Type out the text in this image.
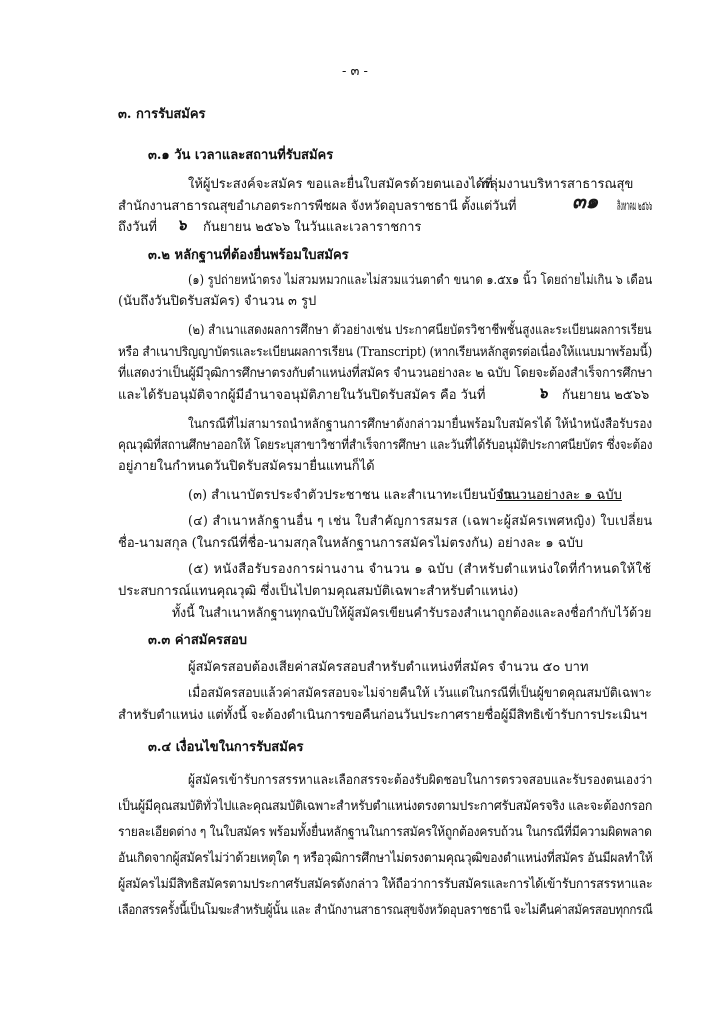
- ๓ -
๓. การรับสมัคร
๓.๑ วัน เวลาและสถานที่รับสมัคร
ให้ผู้ประสงค์จะสมัคร ขอและยื่นใบสมัครด้วยตนเองได้ที่
กลุ่มงานบริหารสาธารณสุข
สำนักงานสาธารณสุขอำเภอตระการพืชผล จังหวัดอุบลราชธานี ตั้งแต่วันที่	๓๑ สิงหาคม ๒๕๖๖
ถึงวันที่ ๖ กันยายน ๒๕๖๖ ในวันและเวลาราชการ
๓.๒ หลักฐานที่ต้องยื่นพร้อมใบสมัคร
(๑) รูปถ่ายหน้าตรง ไม่สวมหมวกและไม่สวมแว่นตาดำ ขนาด ๑.๕x๑ นิ้ว โดยถ่ายไม่เกิน ๖ เดือน
(นับถึงวันปิดรับสมัคร) จำนวน ๓ รูป
(๒) สำเนาแสดงผลการศึกษา ตัวอย่างเช่น ประกาศนียบัตรวิชาชีพชั้นสูงและระเบียนผลการเรียน
หรือ สำเนาปริญญาบัตรและระเบียนผลการเรียน (Transcript) (หากเรียนหลักสูตรต่อเนื่องให้แนบมาพร้อมนี้)
ที่แสดงว่าเป็นผู้มีวุฒิการศึกษาตรงกับตำแหน่งที่สมัคร จำนวนอย่างละ ๒ ฉบับ โดยจะต้องสำเร็จการศึกษา
และได้รับอนุมัติจากผู้มีอำนาจอนุมัติภายในวันปิดรับสมัคร คือ วันที่	๖ กันยายน ๒๕๖๖
ในกรณีที่ไม่สามารถนำหลักฐานการศึกษาดังกล่าวมายื่นพร้อมใบสมัครได้ ให้นำหนังสือรับรอง
คุณวุฒิที่สถานศึกษาออกให้ โดยระบุสาขาวิชาที่สำเร็จการศึกษา และวันที่ได้รับอนุมัติประกาศนียบัตร ซึ่งจะต้อง
อยู่ภายในกำหนดวันปิดรับสมัครมายื่นแทนก็ได้
(๓) สำเนาบัตรประจำตัวประชาชน และสำเนาทะเบียนบ้าน
จำนวนอย่างละ ๑ ฉบับ
(๔) สำเนาหลักฐานอื่น ๆ เช่น ใบสำคัญการสมรส (เฉพาะผู้สมัครเพศหญิง) ใบเปลี่ยน
ชื่อ-นามสกุล (ในกรณีที่ชื่อ-นามสกุลในหลักฐานการสมัครไม่ตรงกัน) อย่างละ ๑ ฉบับ
(๕) หนังสือรับรองการผ่านงาน จำนวน ๑ ฉบับ (สำหรับตำแหน่งใดที่กำหนดให้ใช้
ประสบการณ์แทนคุณวุฒิ ซึ่งเป็นไปตามคุณสมบัติเฉพาะสำหรับตำแหน่ง)
ทั้งนี้ ในสำเนาหลักฐานทุกฉบับให้ผู้สมัครเขียนคำรับรองสำเนาถูกต้องและลงชื่อกำกับไว้ด้วย
๓.๓ ค่าสมัครสอบ
ผู้สมัครสอบต้องเสียค่าสมัครสอบสำหรับตำแหน่งที่สมัคร จำนวน ๕๐ บาท
เมื่อสมัครสอบแล้วค่าสมัครสอบจะไม่จ่ายคืนให้ เว้นแต่ในกรณีที่เป็นผู้ขาดคุณสมบัติเฉพาะ
สำหรับตำแหน่ง แต่ทั้งนี้ จะต้องดำเนินการขอคืนก่อนวันประกาศรายชื่อผู้มีสิทธิเข้ารับการประเมินฯ
๓.๔ เงื่อนไขในการรับสมัคร
ผู้สมัครเข้ารับการสรรหาและเลือกสรรจะต้องรับผิดชอบในการตรวจสอบและรับรองตนเองว่า
เป็นผู้มีคุณสมบัติทั่วไปและคุณสมบัติเฉพาะสำหรับตำแหน่งตรงตามประกาศรับสมัครจริง และจะต้องกรอก
รายละเอียดต่าง ๆ ในใบสมัคร พร้อมทั้งยื่นหลักฐานในการสมัครให้ถูกต้องครบถ้วน ในกรณีที่มีความผิดพลาด
อันเกิดจากผู้สมัครไม่ว่าด้วยเหตุใด ๆ หรือวุฒิการศึกษาไม่ตรงตามคุณวุฒิของตำแหน่งที่สมัคร อันมีผลทำให้
ผู้สมัครไม่มีสิทธิสมัครตามประกาศรับสมัครดังกล่าว ให้ถือว่าการรับสมัครและการได้เข้ารับการสรรหาและ
เลือกสรรครั้งนี้เป็นโมฆะสำหรับผู้นั้น และ สำนักงานสาธารณสุขจังหวัดอุบลราชธานี จะไม่คืนค่าสมัครสอบทุกกรณี
